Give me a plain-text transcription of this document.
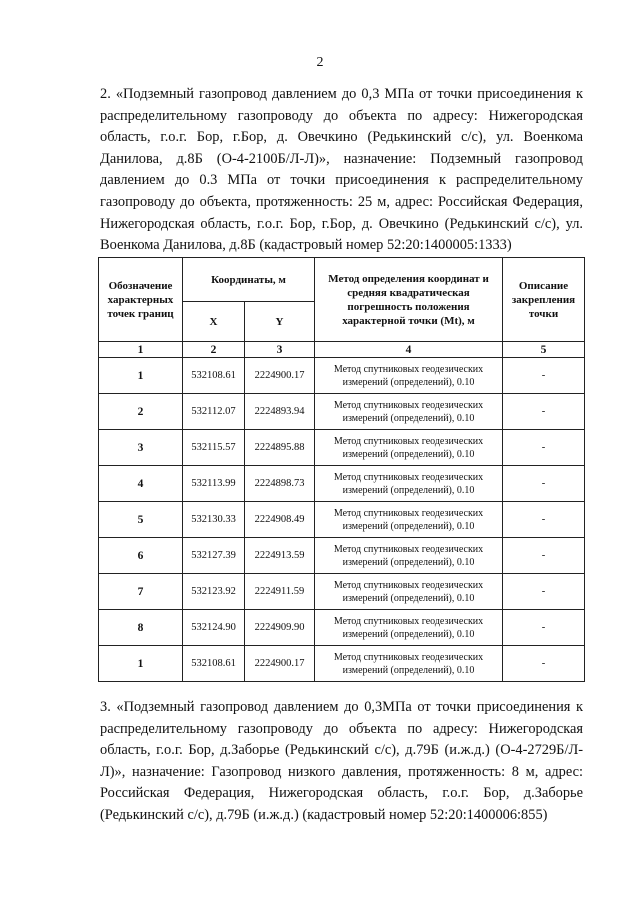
2

2. «Подземный газопровод давлением до 0,3 МПа от точки присоединения к распределительному газопроводу до объекта по адресу: Нижегородская область, г.о.г. Бор, г.Бор, д. Овечкино (Редькинский с/с), ул. Военкома Данилова, д.8Б (О-4-2100Б/Л-Л)», назначение: Подземный газопровод давлением до 0.3 МПа от точки присоединения к распределительному газопроводу до объекта, протяженность: 25 м, адрес: Российская Федерация, Нижегородская область, г.о.г. Бор, г.Бор, д. Овечкино (Редькинский с/с), ул. Военкома Данилова, д.8Б (кадастровый номер 52:20:1400005:1333)

Обозначение характерных точек границ	Координаты, м		Метод определения координат и средняя квадратическая погрешность положения характерной точки (Mt), м	Описание закрепления точки
	X	Y		
1	2	3	4	5
1	532108.61	2224900.17	Метод спутниковых геодезических измерений (определений), 0.10	-
2	532112.07	2224893.94	Метод спутниковых геодезических измерений (определений), 0.10	-
3	532115.57	2224895.88	Метод спутниковых геодезических измерений (определений), 0.10	-
4	532113.99	2224898.73	Метод спутниковых геодезических измерений (определений), 0.10	-
5	532130.33	2224908.49	Метод спутниковых геодезических измерений (определений), 0.10	-
6	532127.39	2224913.59	Метод спутниковых геодезических измерений (определений), 0.10	-
7	532123.92	2224911.59	Метод спутниковых геодезических измерений (определений), 0.10	-
8	532124.90	2224909.90	Метод спутниковых геодезических измерений (определений), 0.10	-
1	532108.61	2224900.17	Метод спутниковых геодезических измерений (определений), 0.10	-

3. «Подземный газопровод давлением до 0,3МПа от точки присоединения к распределительному газопроводу до объекта по адресу: Нижегородская область, г.о.г. Бор, д.Заборье (Редькинский с/с), д.79Б (и.ж.д.) (О-4-2729Б/Л-Л)», назначение: Газопровод низкого давления, протяженность: 8 м, адрес: Российская Федерация, Нижегородская область, г.о.г. Бор, д.Заборье (Редькинский с/с), д.79Б (и.ж.д.) (кадастровый номер 52:20:1400006:855)
